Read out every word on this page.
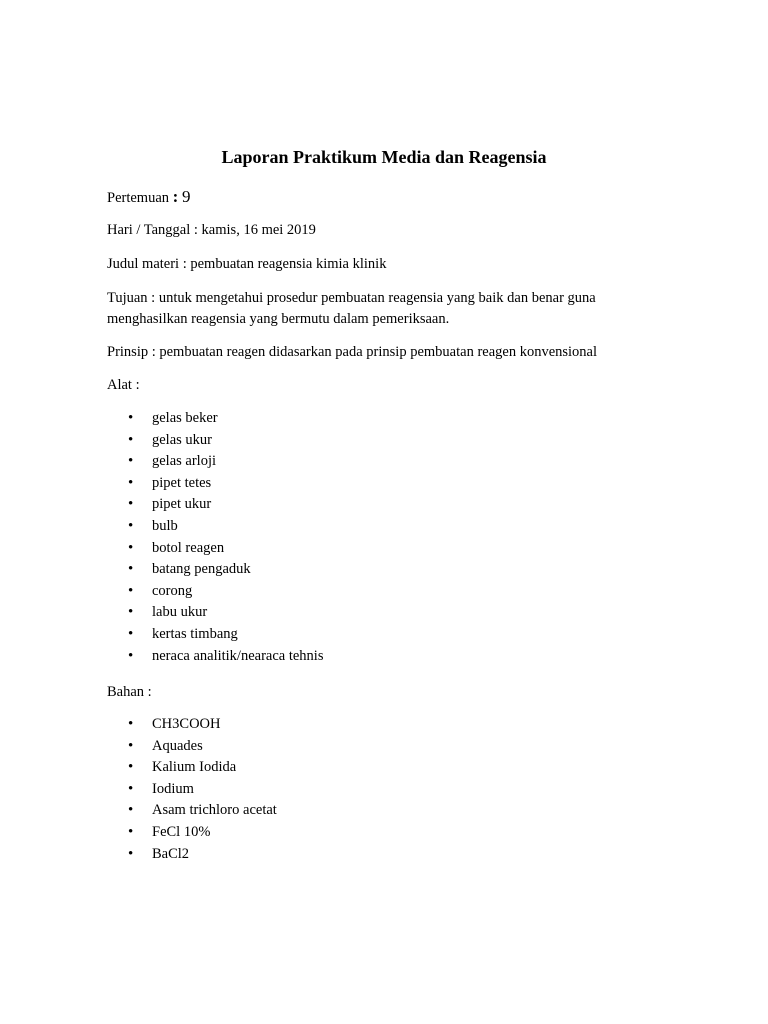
Laporan Praktikum Media dan Reagensia
Pertemuan : 9
Hari / Tanggal : kamis, 16 mei 2019
Judul materi : pembuatan reagensia kimia klinik
Tujuan : untuk mengetahui prosedur pembuatan reagensia yang baik dan benar guna
menghasilkan reagensia yang bermutu dalam pemeriksaan.
Prinsip : pembuatan reagen didasarkan pada prinsip pembuatan reagen konvensional
Alat :
• gelas beker
• gelas ukur
• gelas arloji
• pipet tetes
• pipet ukur
• bulb
• botol reagen
• batang pengaduk
• corong
• labu ukur
• kertas timbang
• neraca analitik/nearaca tehnis
Bahan :
• CH3COOH
• Aquades
• Kalium Iodida
• Iodium
• Asam trichloro acetat
• FeCl 10%
• BaCl2
